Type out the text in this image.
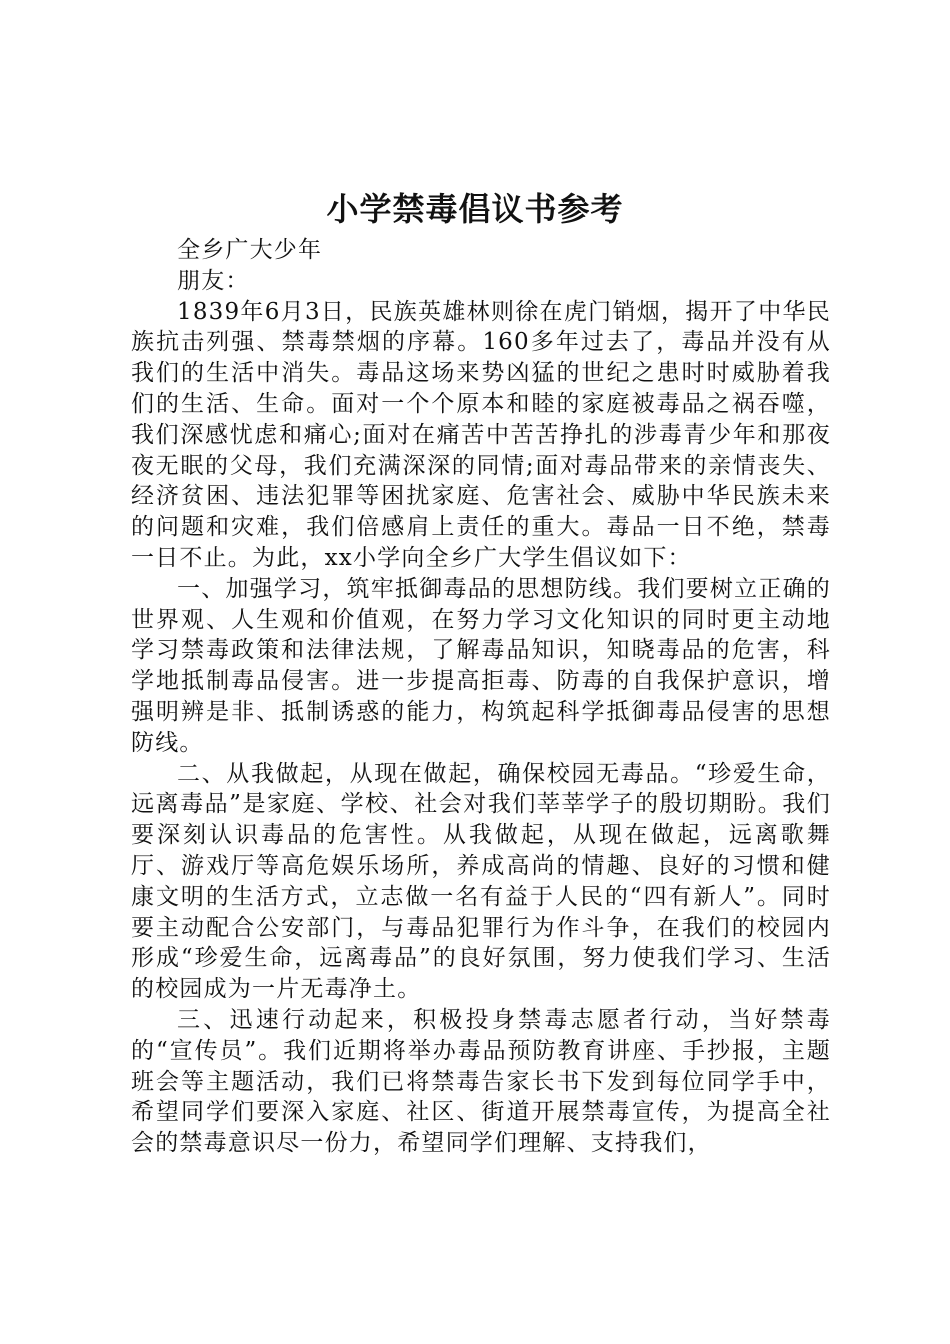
小学禁毒倡议书参考

全乡广大少年

朋友：

1839年6月3日，民族英雄林则徐在虎门销烟，揭开了中华民族抗击列强、禁毒禁烟的序幕。160多年过去了，毒品并没有从我们的生活中消失。毒品这场来势凶猛的世纪之患时时威胁着我们的生活、生命。面对一个个原本和睦的家庭被毒品之祸吞噬，我们深感忧虑和痛心;面对在痛苦中苦苦挣扎的涉毒青少年和那夜夜无眠的父母，我们充满深深的同情;面对毒品带来的亲情丧失、经济贫困、违法犯罪等困扰家庭、危害社会、威胁中华民族未来的问题和灾难，我们倍感肩上责任的重大。毒品一日不绝，禁毒一日不止。为此，xx小学向全乡广大学生倡议如下：

一、加强学习，筑牢抵御毒品的思想防线。我们要树立正确的世界观、人生观和价值观，在努力学习文化知识的同时更主动地学习禁毒政策和法律法规，了解毒品知识，知晓毒品的危害，科学地抵制毒品侵害。进一步提高拒毒、防毒的自我保护意识，增强明辨是非、抵制诱惑的能力，构筑起科学抵御毒品侵害的思想防线。

二、从我做起，从现在做起，确保校园无毒品。“珍爱生命，远离毒品”是家庭、学校、社会对我们莘莘学子的殷切期盼。我们要深刻认识毒品的危害性。从我做起，从现在做起，远离歌舞厅、游戏厅等高危娱乐场所，养成高尚的情趣、良好的习惯和健康文明的生活方式，立志做一名有益于人民的“四有新人”。同时要主动配合公安部门，与毒品犯罪行为作斗争，在我们的校园内形成“珍爱生命，远离毒品”的良好氛围，努力使我们学习、生活的校园成为一片无毒净土。

三、迅速行动起来，积极投身禁毒志愿者行动，当好禁毒的“宣传员”。我们近期将举办毒品预防教育讲座、手抄报，主题班会等主题活动，我们已将禁毒告家长书下发到每位同学手中，希望同学们要深入家庭、社区、街道开展禁毒宣传，为提高全社会的禁毒意识尽一份力，希望同学们理解、支持我们，
